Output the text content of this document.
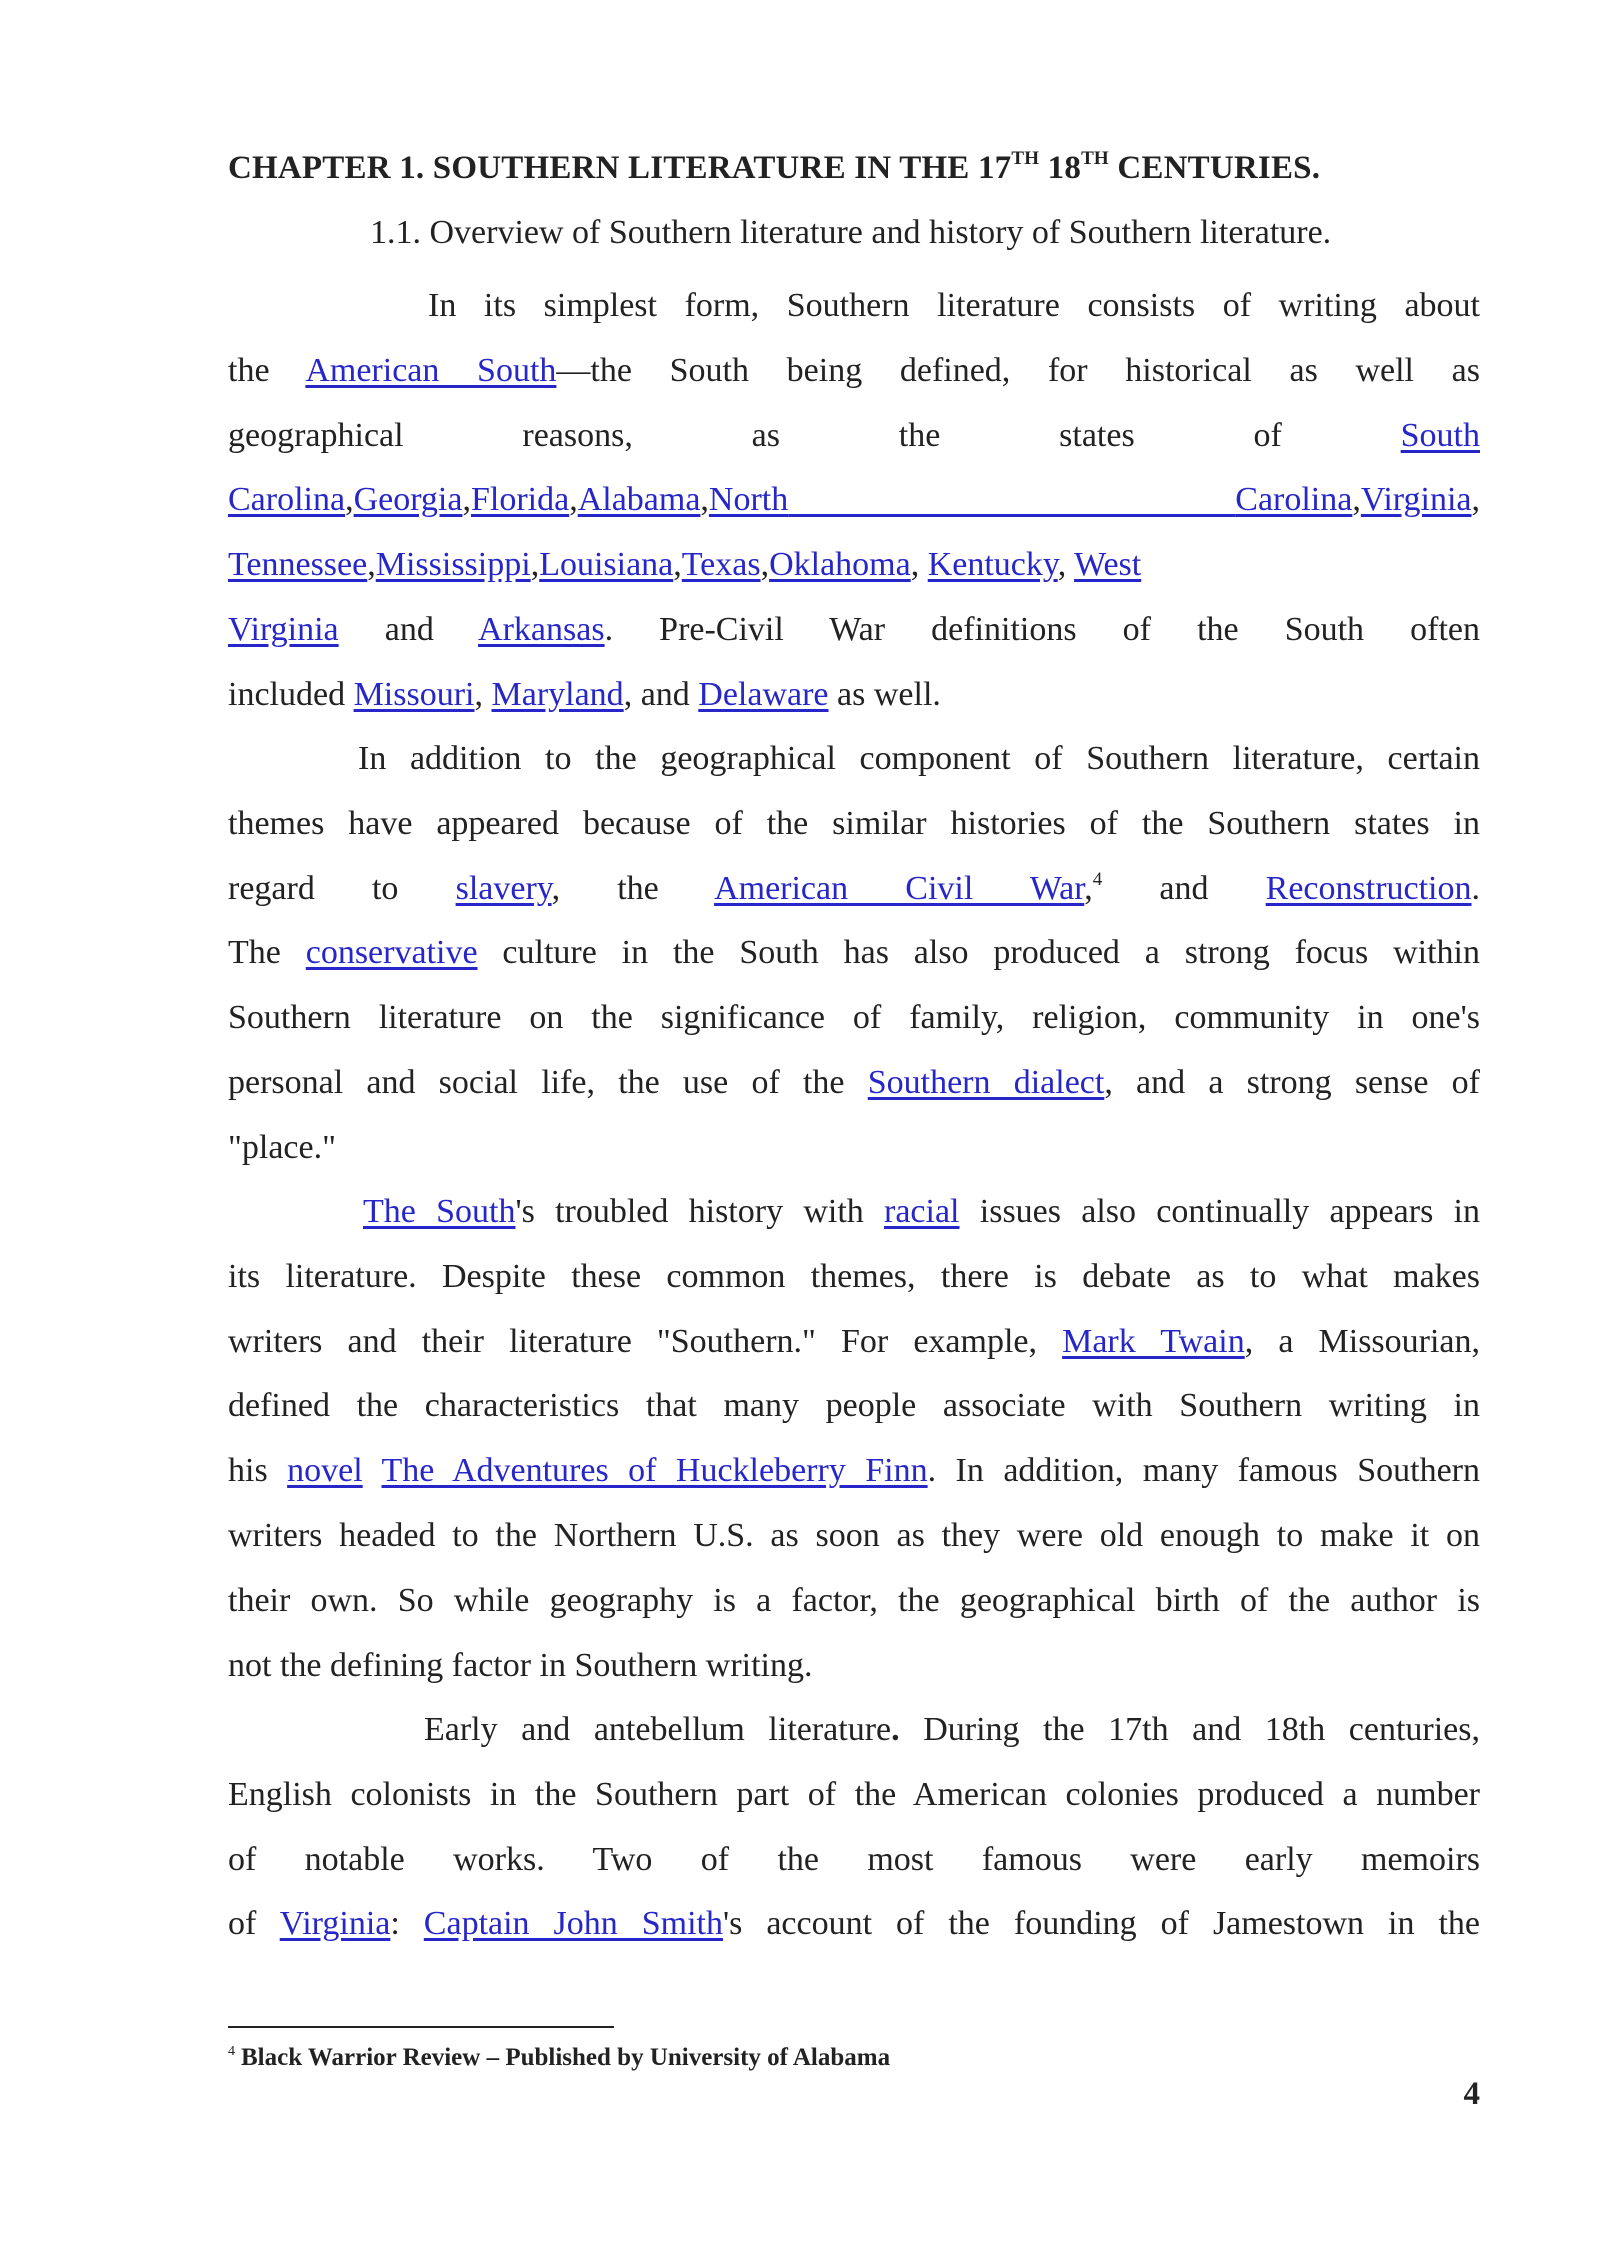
CHAPTER 1. SOUTHERN LITERATURE IN THE 17TH 18TH CENTURIES.
1.1. Overview of Southern literature and history of Southern literature.
In its simplest form, Southern literature consists of writing about
the American South—the South being defined, for historical as well as
geographical reasons, as the states of South
Carolina,Georgia,Florida,Alabama,North	Carolina,Virginia,
Tennessee,Mississippi,Louisiana,Texas,Oklahoma, Kentucky, West
Virginia and Arkansas. Pre-Civil War definitions of the South often
included Missouri, Maryland, and Delaware as well.
In addition to the geographical component of Southern literature, certain
themes have appeared because of the similar histories of the Southern states in
regard to slavery, the American Civil War,$^4$ and Reconstruction.
The conservative culture in the South has also produced a strong focus within
Southern literature on the significance of family, religion, community in one's
personal and social life, the use of the Southern dialect, and a strong sense of
"place."
The South's troubled history with racial issues also continually appears in
its literature. Despite these common themes, there is debate as to what makes
writers and their literature "Southern." For example, Mark Twain, a Missourian,
defined the characteristics that many people associate with Southern writing in
his novel The Adventures of Huckleberry Finn. In addition, many famous Southern
writers headed to the Northern U.S. as soon as they were old enough to make it on
their own. So while geography is a factor, the geographical birth of the author is
not the defining factor in Southern writing.
Early and antebellum literature. During the 17th and 18th centuries,
English colonists in the Southern part of the American colonies produced a number
of notable works. Two of the most famous were early memoirs
of Virginia: Captain John Smith's account of the founding of Jamestown in the
$^4$ Black Warrior Review – Published by University of Alabama
4
